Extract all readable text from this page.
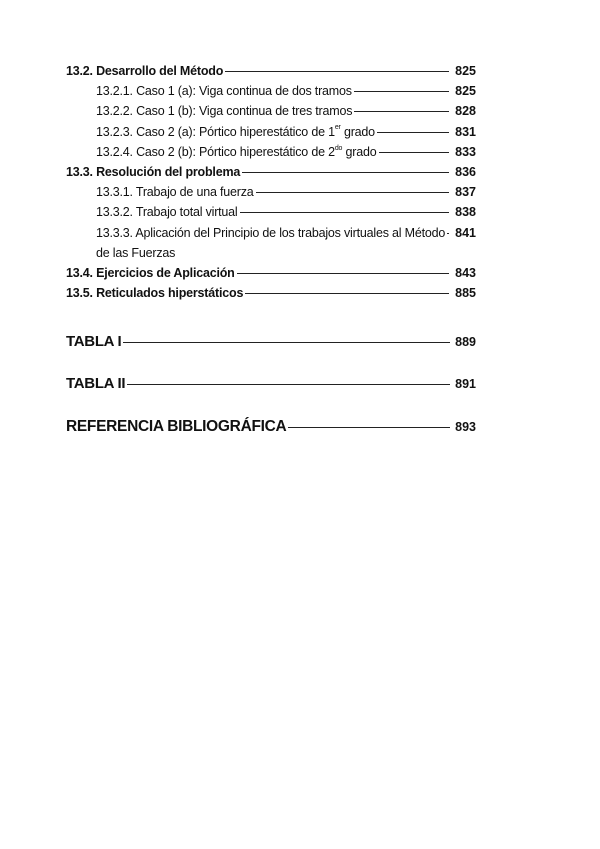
13.2. Desarrollo del Método	825
13.2.1. Caso 1 (a): Viga continua de dos tramos	825
13.2.2. Caso 1 (b): Viga continua de tres tramos	828
13.2.3. Caso 2 (a): Pórtico hiperestático de 1er grado	831
13.2.4. Caso 2 (b): Pórtico hiperestático de $2^{do}$ grado	833
13.3. Resolución del problema	836
13.3.1. Trabajo de una fuerza	837
13.3.2. Trabajo total virtual	838
13.3.3. Aplicación del Principio de los trabajos virtuales al Método 841
de las Fuerzas
13.4. Ejercicios de Aplicación	843
13.5. Reticulados hiperstáticos	885
TABLA I	889
TABLA II	891
REFERENCIA BIBLIOGRÁFICA	893
